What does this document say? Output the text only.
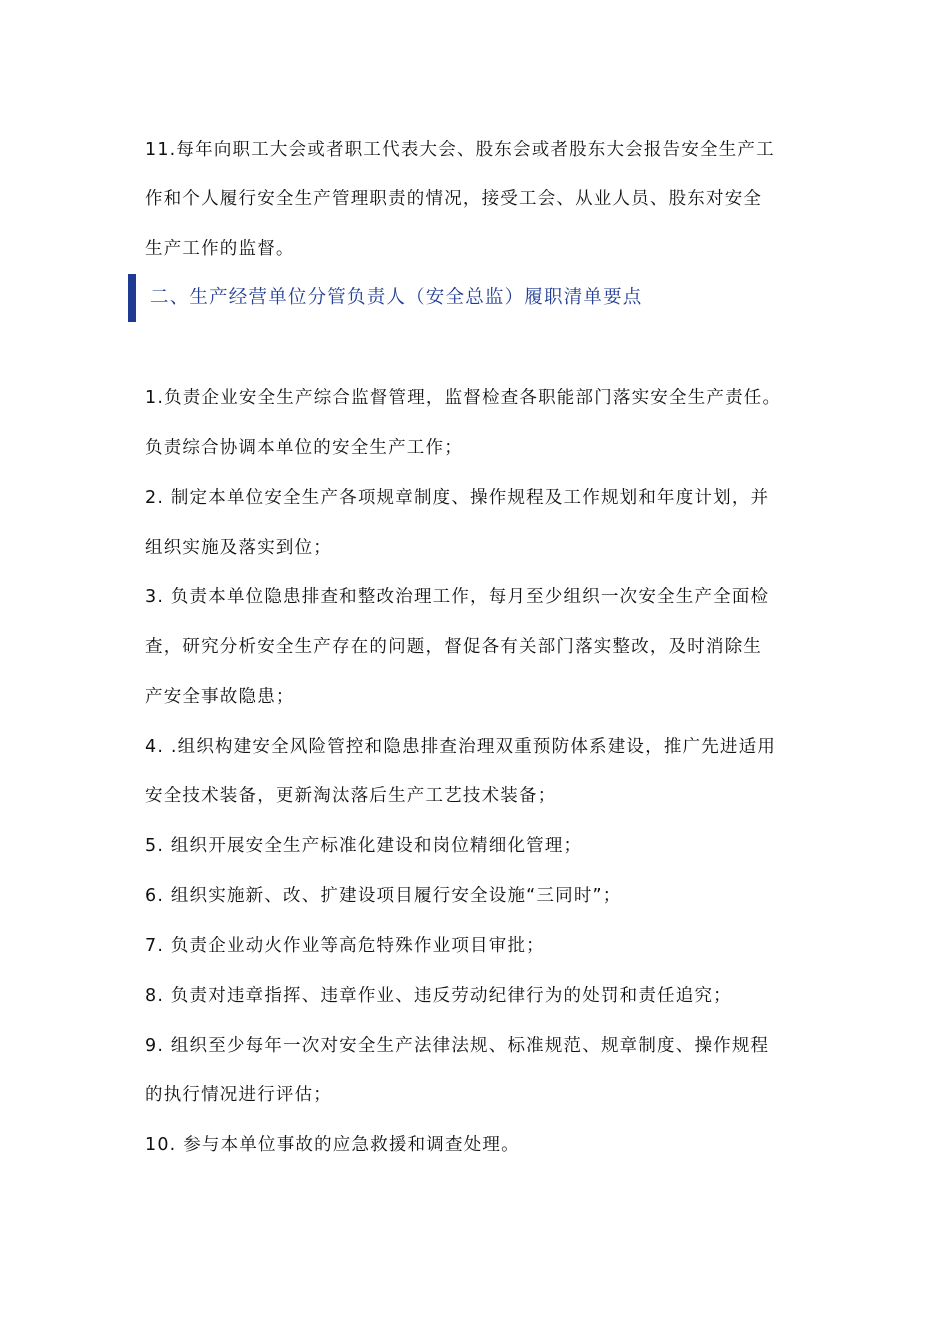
11.每年向职工大会或者职工代表大会、股东会或者股东大会报告安全生产工
作和个人履行安全生产管理职责的情况，接受工会、从业人员、股东对安全
生产工作的监督。
二、生产经营单位分管负责人（安全总监）履职清单要点
1.负责企业安全生产综合监督管理，监督检查各职能部门落实安全生产责任。
负责综合协调本单位的安全生产工作；
2. 制定本单位安全生产各项规章制度、操作规程及工作规划和年度计划，并
组织实施及落实到位；
3. 负责本单位隐患排查和整改治理工作，每月至少组织一次安全生产全面检
查，研究分析安全生产存在的问题，督促各有关部门落实整改，及时消除生
产安全事故隐患；
4. .组织构建安全风险管控和隐患排查治理双重预防体系建设，推广先进适用
安全技术装备，更新淘汰落后生产工艺技术装备；
5. 组织开展安全生产标准化建设和岗位精细化管理；
6. 组织实施新、改、扩建设项目履行安全设施“三同时”；
7. 负责企业动火作业等高危特殊作业项目审批；
8. 负责对违章指挥、违章作业、违反劳动纪律行为的处罚和责任追究；
9. 组织至少每年一次对安全生产法律法规、标准规范、规章制度、操作规程
的执行情况进行评估；
10. 参与本单位事故的应急救援和调查处理。
